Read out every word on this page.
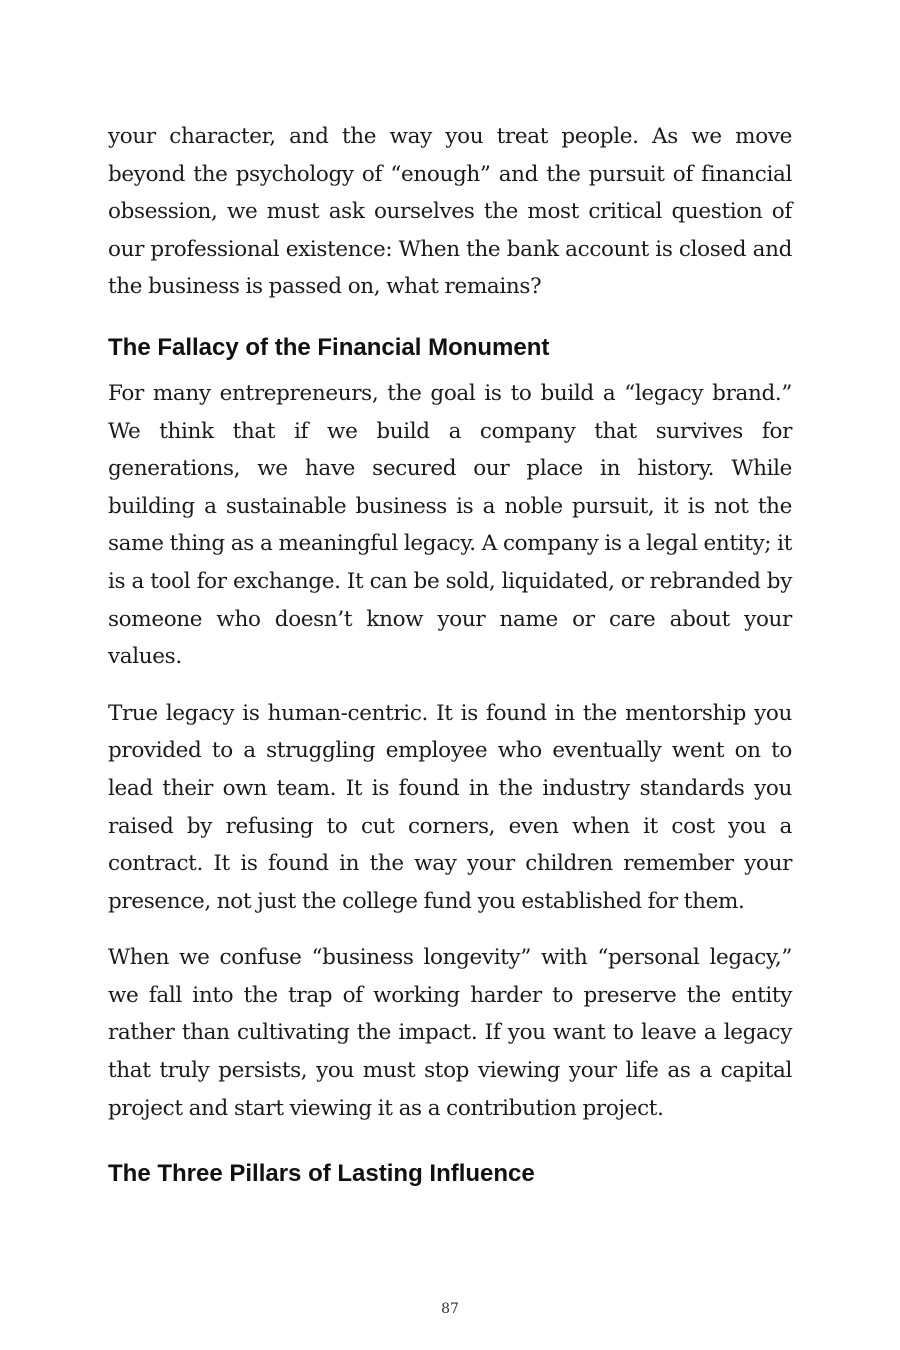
your character, and the way you treat people. As we move beyond the psychology of “enough” and the pursuit of financial obsession, we must ask ourselves the most critical question of our professional existence: When the bank account is closed and the business is passed on, what remains?

The Fallacy of the Financial Monument

For many entrepreneurs, the goal is to build a “legacy brand.” We think that if we build a company that survives for generations, we have secured our place in history. While building a sustainable business is a noble pursuit, it is not the same thing as a meaningful legacy. A company is a legal entity; it is a tool for exchange. It can be sold, liquidated, or rebranded by someone who doesn’t know your name or care about your values.

True legacy is human-centric. It is found in the mentorship you provided to a struggling employee who eventually went on to lead their own team. It is found in the industry standards you raised by refusing to cut corners, even when it cost you a contract. It is found in the way your children remember your presence, not just the college fund you established for them.

When we confuse “business longevity” with “personal legacy,” we fall into the trap of working harder to preserve the entity rather than cultivating the impact. If you want to leave a legacy that truly persists, you must stop viewing your life as a capital project and start viewing it as a contribution project.

The Three Pillars of Lasting Influence
87
